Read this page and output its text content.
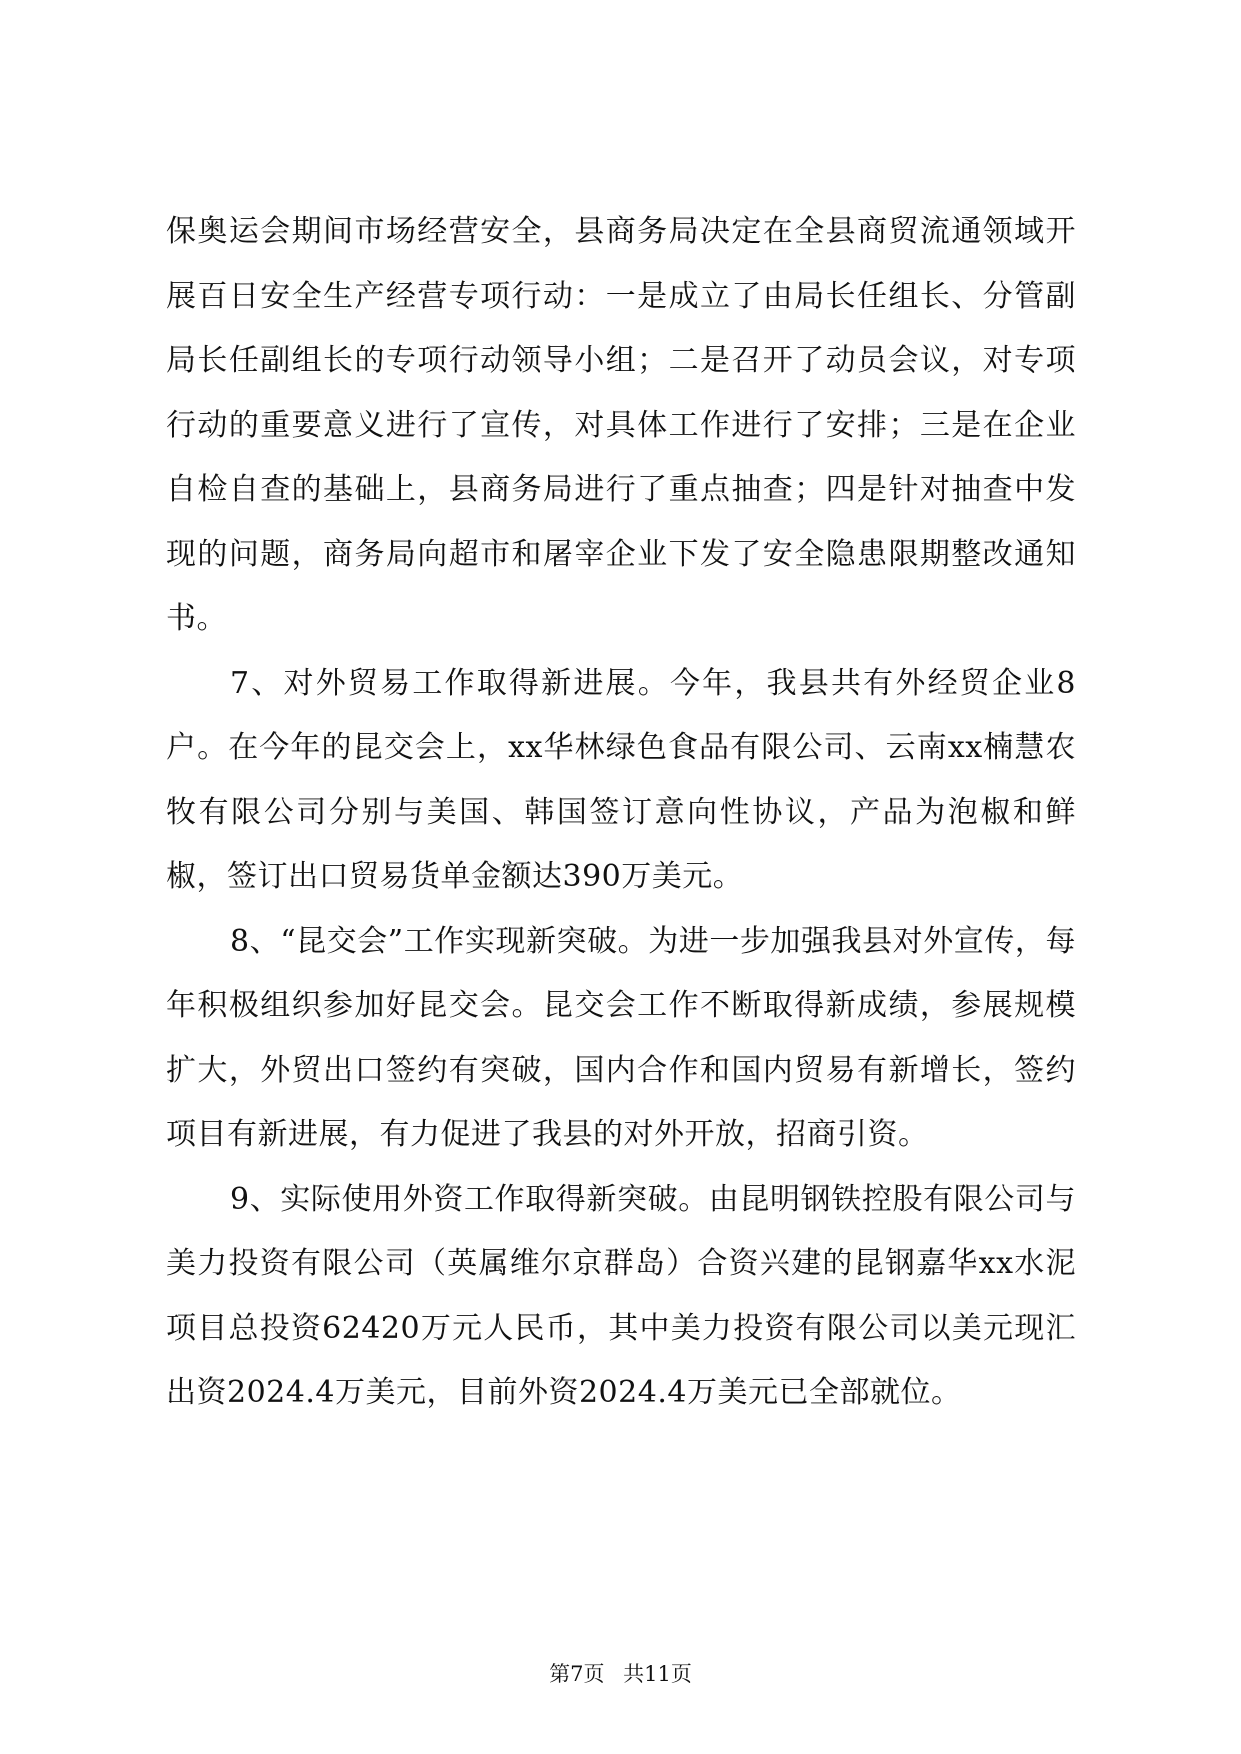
保奥运会期间市场经营安全，县商务局决定在全县商贸流通领域开展百日安全生产经营专项行动：一是成立了由局长任组长、分管副局长任副组长的专项行动领导小组；二是召开了动员会议，对专项行动的重要意义进行了宣传，对具体工作进行了安排；三是在企业自检自查的基础上，县商务局进行了重点抽查；四是针对抽查中发现的问题，商务局向超市和屠宰企业下发了安全隐患限期整改通知书。

7、对外贸易工作取得新进展。今年，我县共有外经贸企业8户。在今年的昆交会上，xx华林绿色食品有限公司、云南xx楠慧农牧有限公司分别与美国、韩国签订意向性协议，产品为泡椒和鲜椒，签订出口贸易货单金额达390万美元。

8、“昆交会”工作实现新突破。为进一步加强我县对外宣传，每年积极组织参加好昆交会。昆交会工作不断取得新成绩，参展规模扩大，外贸出口签约有突破，国内合作和国内贸易有新增长，签约项目有新进展，有力促进了我县的对外开放，招商引资。

9、实际使用外资工作取得新突破。由昆明钢铁控股有限公司与美力投资有限公司（英属维尔京群岛）合资兴建的昆钢嘉华xx水泥项目总投资62420万元人民币，其中美力投资有限公司以美元现汇出资2024.4万美元，目前外资2024.4万美元已全部就位。

第7页 共11页
